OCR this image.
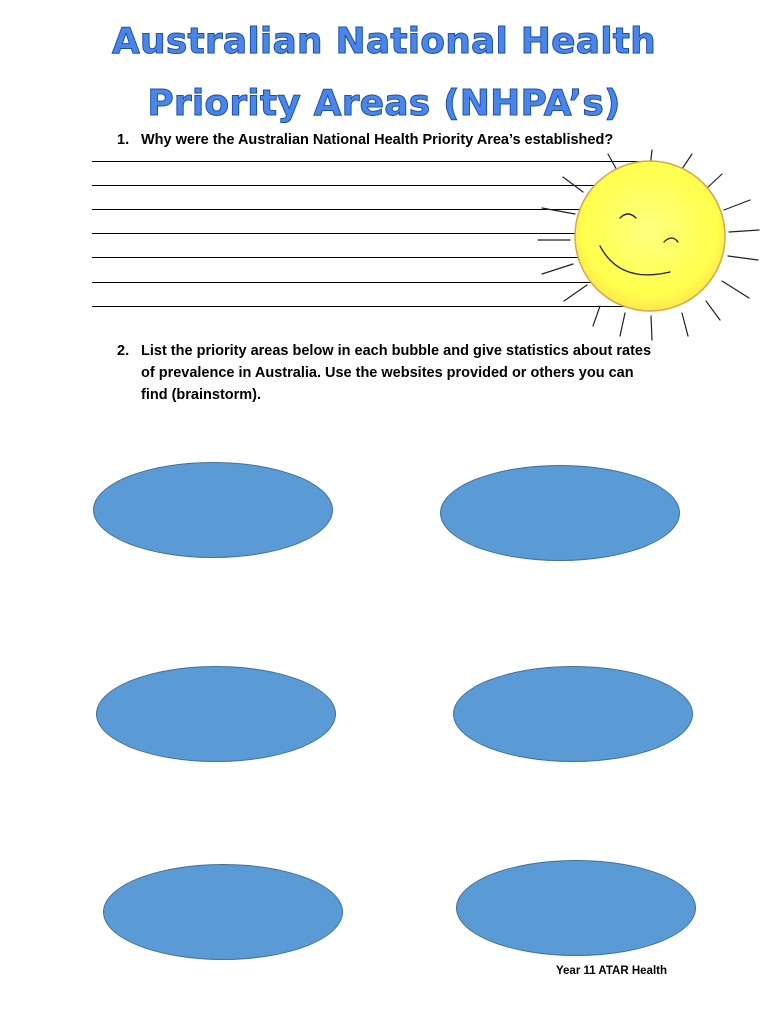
Australian National Health
Priority Areas (NHPA’s)
1. Why were the Australian National Health Priority Area’s established?
2. List the priority areas below in each bubble and give statistics about rates of prevalence in Australia. Use the websites provided or others you can find (brainstorm).
Year 11 ATAR Health
